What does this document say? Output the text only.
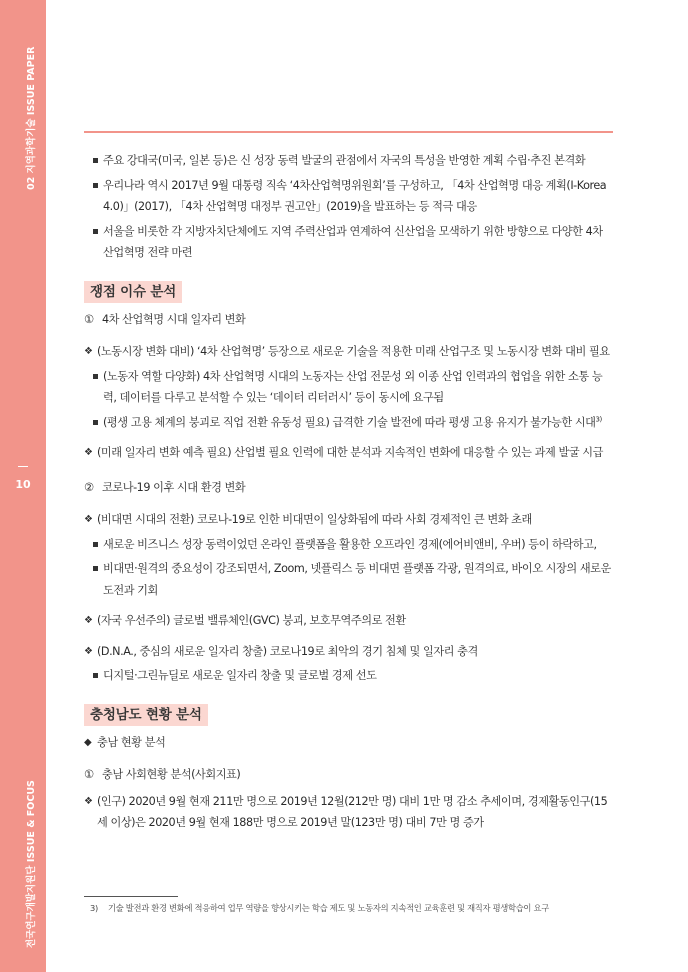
02 지역과학기술 ISSUE PAPER
10
전국연구개발지원단 ISSUE & FOCUS

주요 강대국(미국, 일본 등)은 신 성장 동력 발굴의 관점에서 자국의 특성을 반영한 계획 수립·추진 본격화

우리나라 역시 2017년 9월 대통령 직속 ‘4차산업혁명위원회’를 구성하고, 「4차 산업혁명 대응 계획(I-Korea 4.0)」(2017), 「4차 산업혁명 대정부 권고안」(2019)을 발표하는 등 적극 대응

서울을 비롯한 각 지방자치단체에도 지역 주력산업과 연계하여 신산업을 모색하기 위한 방향으로 다양한 4차 산업혁명 전략 마련

쟁점 이슈 분석

① 4차 산업혁명 시대 일자리 변화

❖
(노동시장 변화 대비) ‘4차 산업혁명’ 등장으로 새로운 기술을 적용한 미래 산업구조 및 노동시장 변화 대비 필요

(노동자 역할 다양화) 4차 산업혁명 시대의 노동자는 산업 전문성 외 이종 산업 인력과의 협업을 위한 소통 능력, 데이터를 다루고 분석할 수 있는 ‘데이터 리터러시’ 등이 동시에 요구됨

(평생 고용 체계의 붕괴로 직업 전환 유동성 필요) 급격한 기술 발전에 따라 평생 고용 유지가 불가능한 시대$^{3)}$

❖
(미래 일자리 변화 예측 필요) 산업별 필요 인력에 대한 분석과 지속적인 변화에 대응할 수 있는 과제 발굴 시급

② 코로나-19 이후 시대 환경 변화

❖
(비대면 시대의 전환) 코로나-19로 인한 비대면이 일상화됨에 따라 사회 경제적인 큰 변화 초래

새로운 비즈니스 성장 동력이었던 온라인 플랫폼을 활용한 오프라인 경제(에어비앤비, 우버) 등이 하락하고,

비대면·원격의 중요성이 강조되면서, Zoom, 넷플릭스 등 비대면 플랫폼 각광, 원격의료, 바이오 시장의 새로운 도전과 기회

❖
(자국 우선주의) 글로벌 밸류체인(GVC) 붕괴, 보호무역주의로 전환

❖
(D.N.A., 중심의 새로운 일자리 창출) 코로나19로 최악의 경기 침체 및 일자리 충격

디지털·그린뉴딜로 새로운 일자리 창출 및 글로벌 경제 선도

충청남도 현황 분석

◆
충남 현황 분석

① 충남 사회현황 분석(사회지표)

❖
(인구) 2020년 9월 현재 211만 명으로 2019년 12월(212만 명) 대비 1만 명 감소 추세이며, 경제활동인구(15세 이상)은 2020년 9월 현재 188만 명으로 2019년 말(123만 명) 대비 7만 명 증가

3)	기술 발전과 환경 변화에 적응하여 업무 역량을 향상시키는 학습 제도 및 노동자의 지속적인 교육훈련 및 재직자 평생학습이 요구
